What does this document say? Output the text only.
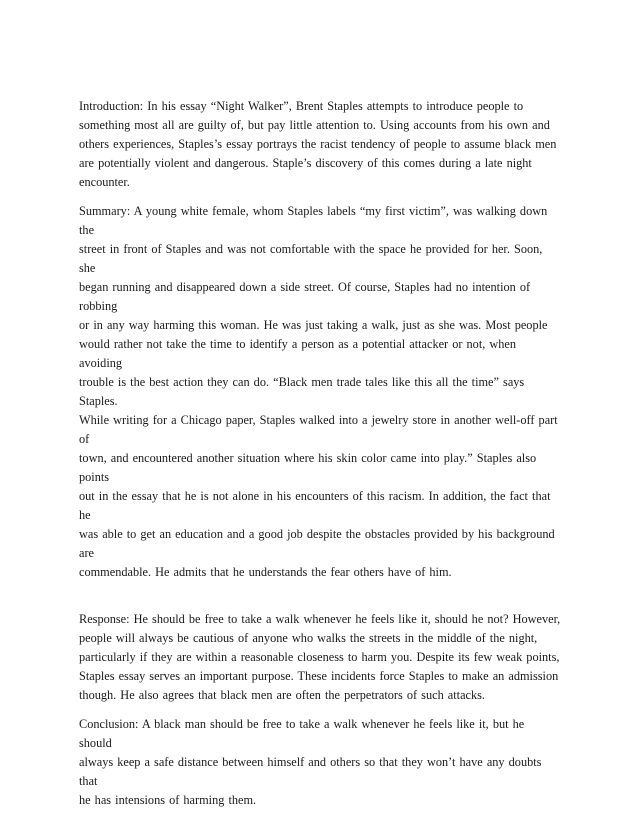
Introduction: In his essay “Night Walker”, Brent Staples attempts to introduce people to
something most all are guilty of, but pay little attention to. Using accounts from his own and
others experiences, Staples’s essay portrays the racist tendency of people to assume black men
are potentially violent and dangerous. Staple’s discovery of this comes during a late night
encounter.

Summary: A young white female, whom Staples labels “my first victim”, was walking down the
street in front of Staples and was not comfortable with the space he provided for her. Soon, she
began running and disappeared down a side street. Of course, Staples had no intention of robbing
or in any way harming this woman. He was just taking a walk, just as she was. Most people
would rather not take the time to identify a person as a potential attacker or not, when avoiding
trouble is the best action they can do. “Black men trade tales like this all the time” says Staples.
While writing for a Chicago paper, Staples walked into a jewelry store in another well-off part of
town, and encountered another situation where his skin color came into play.” Staples also points
out in the essay that he is not alone in his encounters of this racism. In addition, the fact that he
was able to get an education and a good job despite the obstacles provided by his background are
commendable. He admits that he understands the fear others have of him.

Response: He should be free to take a walk whenever he feels like it, should he not? However,
people will always be cautious of anyone who walks the streets in the middle of the night,
particularly if they are within a reasonable closeness to harm you. Despite its few weak points,
Staples essay serves an important purpose. These incidents force Staples to make an admission
though. He also agrees that black men are often the perpetrators of such attacks.

Conclusion: A black man should be free to take a walk whenever he feels like it, but he should
always keep a safe distance between himself and others so that they won’t have any doubts that
he has intensions of harming them.
